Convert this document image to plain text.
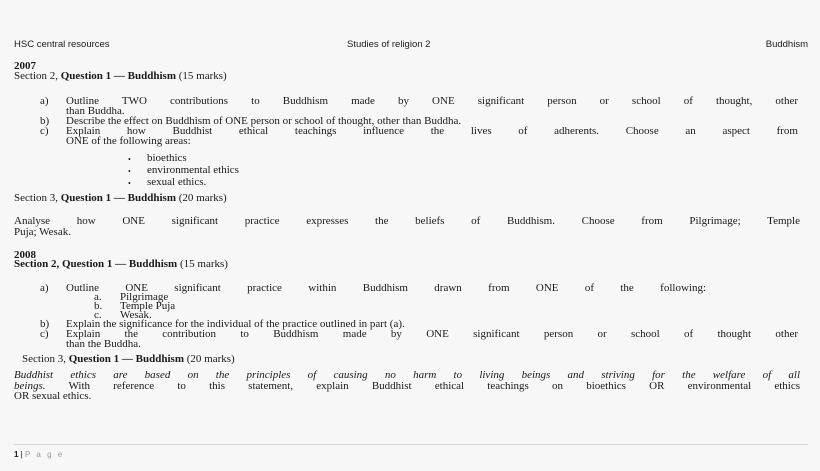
HSC central resources	Studies of religion 2	Buddhism
2007
Section 2, Question 1 — Buddhism (15 marks)
a) Outline TWO contributions to Buddhism made by ONE significant person or school of thought, other
than Buddha.
b) Describe the effect on Buddhism of ONE person or school of thought, other than Buddha.
c) Explain how Buddhist ethical teachings influence the lives of adherents. Choose an aspect from
ONE of the following areas:
• bioethics
• environmental ethics
• sexual ethics.
Section 3, Question 1 — Buddhism (20 marks)
Analyse how ONE significant practice expresses the beliefs of Buddhism. Choose from Pilgrimage; Temple
Puja; Wesak.
2008
Section 2, Question 1 — Buddhism (15 marks)
a) Outline ONE significant practice within Buddhism drawn from ONE of the following:
a. Pilgrimage
b. Temple Puja
c. Wesak.
b) Explain the significance for the individual of the practice outlined in part (a).
c) Explain the contribution to Buddhism made by ONE significant person or school of thought other
than the Buddha.
Section 3, Question 1 — Buddhism (20 marks)
Buddhist ethics are based on the principles of causing no harm to living beings and striving for the welfare of all
beings. With reference to this statement, explain Buddhist ethical teachings on bioethics OR environmental ethics
OR sexual ethics.
1 | P a g e
